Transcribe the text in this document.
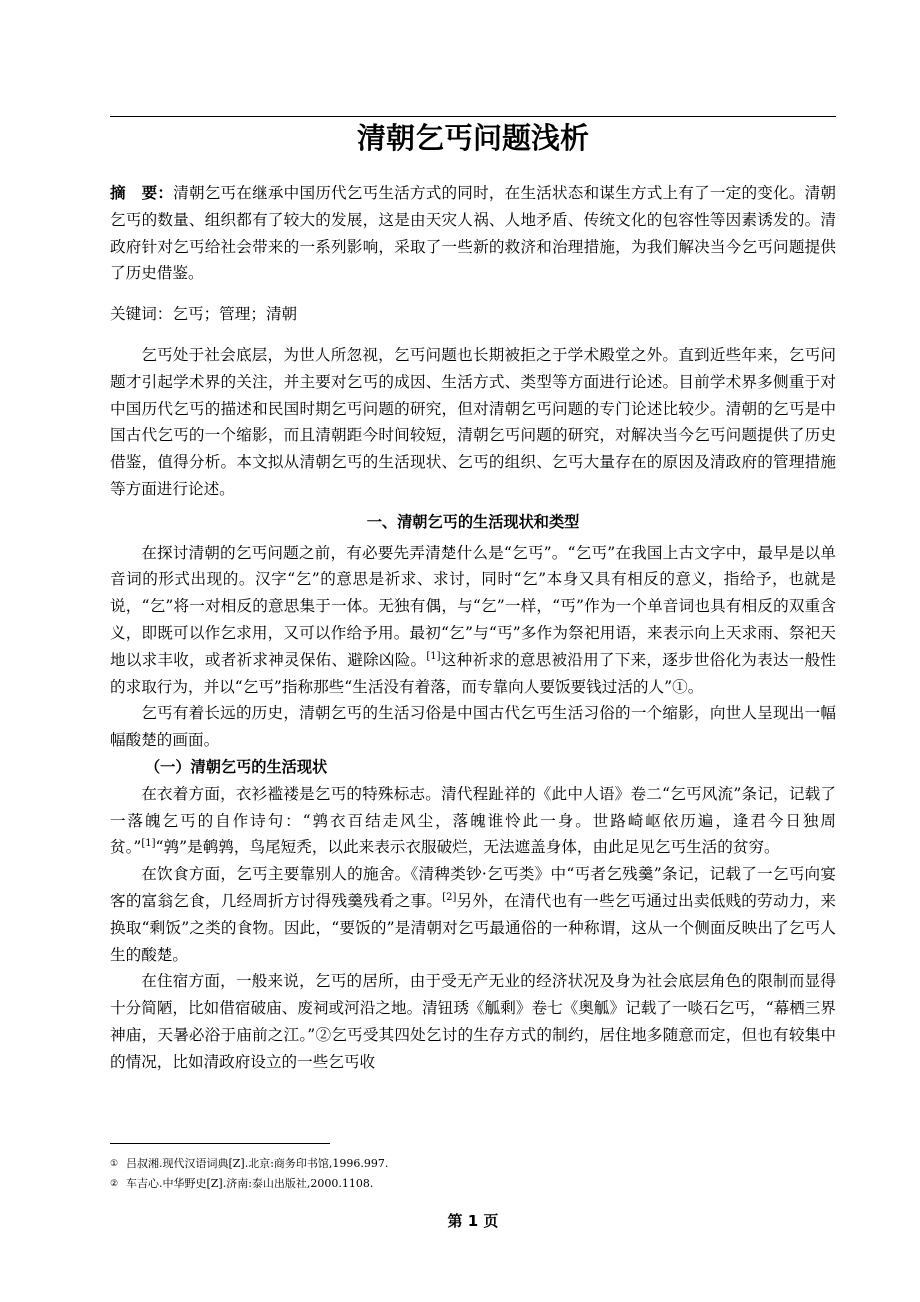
清朝乞丐问题浅析

摘　要：清朝乞丐在继承中国历代乞丐生活方式的同时，在生活状态和谋生方式上有了一定的变化。清朝乞丐的数量、组织都有了较大的发展，这是由天灾人祸、人地矛盾、传统文化的包容性等因素诱发的。清政府针对乞丐给社会带来的一系列影响，采取了一些新的救济和治理措施，为我们解决当今乞丐问题提供了历史借鉴。

关键词：乞丐；管理；清朝

乞丐处于社会底层，为世人所忽视，乞丐问题也长期被拒之于学术殿堂之外。直到近些年来，乞丐问题才引起学术界的关注，并主要对乞丐的成因、生活方式、类型等方面进行论述。目前学术界多侧重于对中国历代乞丐的描述和民国时期乞丐问题的研究，但对清朝乞丐问题的专门论述比较少。清朝的乞丐是中国古代乞丐的一个缩影，而且清朝距今时间较短，清朝乞丐问题的研究，对解决当今乞丐问题提供了历史借鉴，值得分析。本文拟从清朝乞丐的生活现状、乞丐的组织、乞丐大量存在的原因及清政府的管理措施等方面进行论述。

一、清朝乞丐的生活现状和类型

在探讨清朝的乞丐问题之前，有必要先弄清楚什么是“乞丐”。“乞丐”在我国上古文字中，最早是以单音词的形式出现的。汉字“乞”的意思是祈求、求讨，同时“乞”本身又具有相反的意义，指给予，也就是说，“乞”将一对相反的意思集于一体。无独有偶，与“乞”一样，“丐”作为一个单音词也具有相反的双重含义，即既可以作乞求用，又可以作给予用。最初“乞”与“丐”多作为祭祀用语，来表示向上天求雨、祭祀天地以求丰收，或者祈求神灵保佑、避除凶险。[1]这种祈求的意思被沿用了下来，逐步世俗化为表达一般性的求取行为，并以“乞丐”指称那些“生活没有着落，而专靠向人要饭要钱过活的人”①。

乞丐有着长远的历史，清朝乞丐的生活习俗是中国古代乞丐生活习俗的一个缩影，向世人呈现出一幅幅酸楚的画面。

（一）清朝乞丐的生活现状

在衣着方面，衣衫褴褛是乞丐的特殊标志。清代程趾祥的《此中人语》卷二“乞丐风流”条记，记载了一落魄乞丐的自作诗句：“鹑衣百结走风尘，落魄谁怜此一身。世路崎岖依历遍，逢君今日独周贫。”[1]“鹑”是鹌鹑，鸟尾短秃，以此来表示衣服破烂，无法遮盖身体，由此足见乞丐生活的贫穷。

在饮食方面，乞丐主要靠别人的施舍。《清稗类钞·乞丐类》中“丐者乞残羹”条记，记载了一乞丐向宴客的富翁乞食，几经周折方讨得残羹残肴之事。[2]另外，在清代也有一些乞丐通过出卖低贱的劳动力，来换取“剩饭”之类的食物。因此，“要饭的”是清朝对乞丐最通俗的一种称谓，这从一个侧面反映出了乞丐人生的酸楚。

在住宿方面，一般来说，乞丐的居所，由于受无产无业的经济状况及身为社会底层角色的限制而显得十分简陋，比如借宿破庙、废祠或河沿之地。清钮琇《觚剩》卷七《奥觚》记载了一啖石乞丐，“幕栖三界神庙，天暑必浴于庙前之江。”②乞丐受其四处乞讨的生存方式的制约，居住地多随意而定，但也有较集中的情况，比如清政府设立的一些乞丐收

① 吕叔湘.现代汉语词典[Z].北京:商务印书馆,1996.997.
② 车吉心.中华野史[Z].济南:泰山出版社,2000.1108.
第 1 页
